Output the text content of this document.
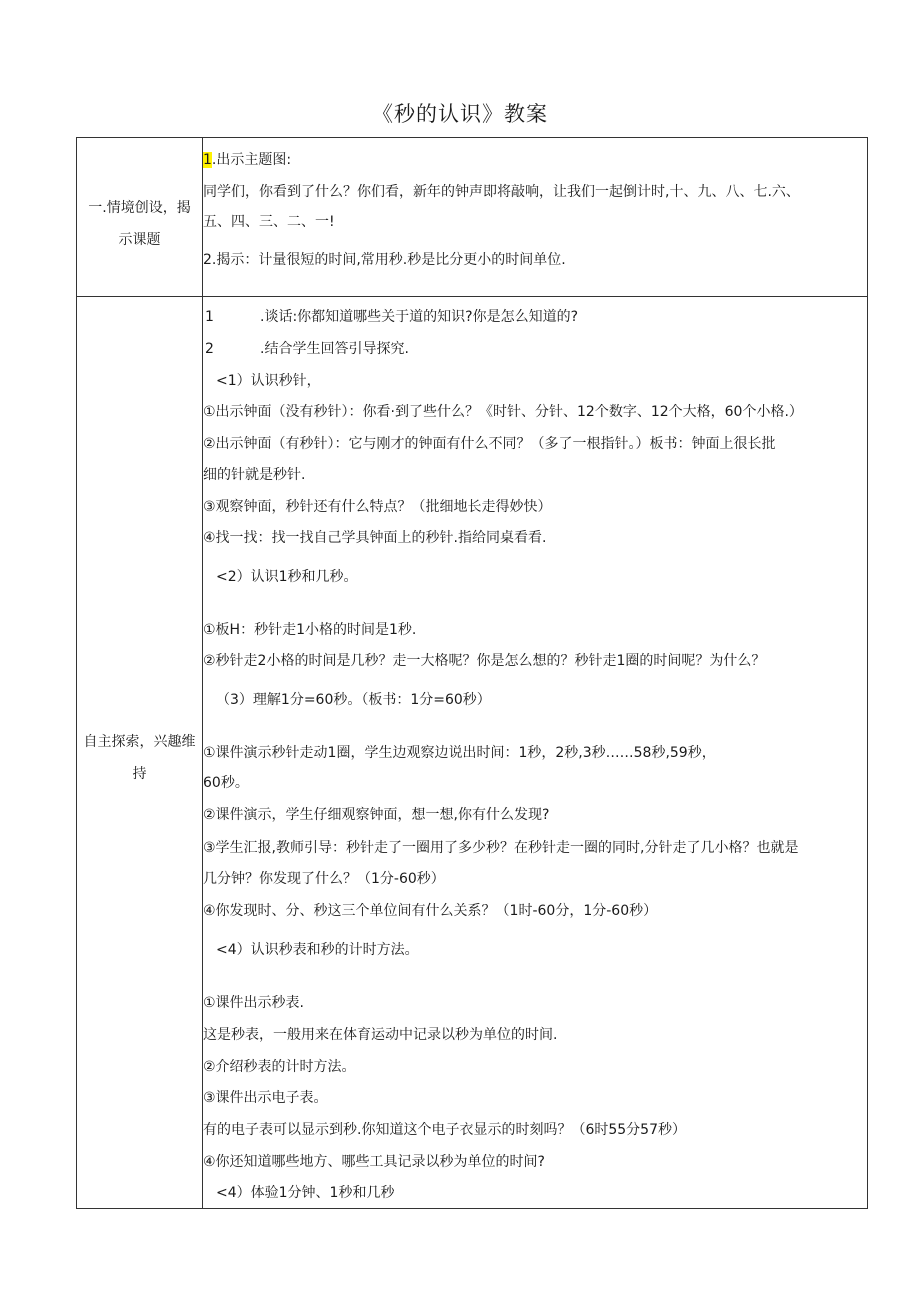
《秒的认识》教案
一.情境创设，揭
示课题
1.出示主题图:
同学们，你看到了什么？你们看，新年的钟声即将敲响，让我们一起倒计时,十、九、八、七.六、
五、四、三、二、一!
2.揭示：计量很短的时间,常用秒.秒是比分更小的时间单位.
自主探索，兴趣维
持
1	.谈话:你都知道哪些关于道的知识?你是怎么知道的?
2	.结合学生回答引导探究.
<1）认识秒针，
①出示钟面（没有秒针）：你看·到了些什么？《时针、分针、12个数字、12个大格，60个小格.）
②出示钟面（有秒针）：它与刚才的钟面有什么不同？（多了一根指针。）板书：钟面上很长批
细的针就是秒针.
③观察钟面，秒针还有什么特点？（批细地长走得妙快）
④找一找：找一找自己学具钟面上的秒针.指给同桌看看.
<2）认识1秒和几秒。
①板H：秒针走1小格的时间是1秒.
②秒针走2小格的时间是几秒？走一大格呢？你是怎么想的？秒针走1圈的时间呢？为什么？
（3）理解1分=60秒。（板书：1分=60秒）
①课件演示秒针走动1圈，学生边观察边说出时间：1秒，2秒,3秒……58秒,59秒，
60秒。
②课件演示，学生仔细观察钟面，想一想,你有什么发现?
③学生汇报,教师引导：秒针走了一圈用了多少秒？在秒针走一圈的同时,分针走了几小格？也就是
几分钟？你发现了什么？（1分-60秒）
④你发现时、分、秒这三个单位间有什么关系？（1时-60分，1分-60秒）
<4）认识秒表和秒的计时方法。
①课件出示秒表.
这是秒表，一般用来在体育运动中记录以秒为单位的时间.
②介绍秒表的计时方法。
③课件出示电子表。
有的电子表可以显示到秒.你知道这个电子衣显示的时刻吗？（6时55分57秒）
④你还知道哪些地方、哪些工具记录以秒为单位的时间?
<4）体验1分钟、1秒和几秒
